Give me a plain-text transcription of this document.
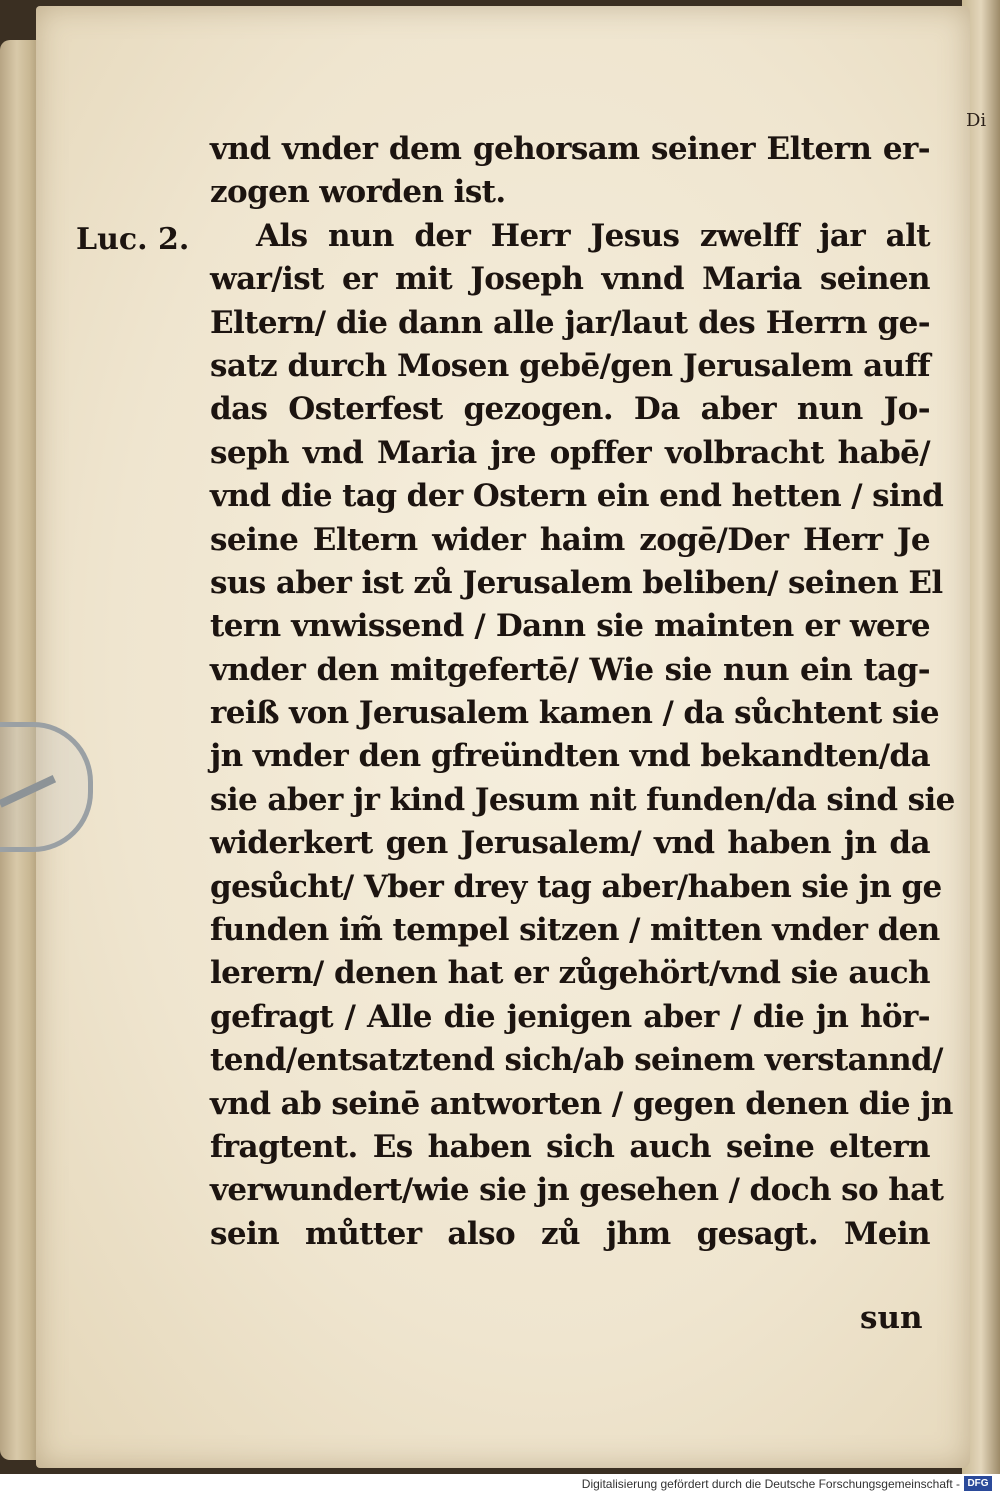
Di
Luc. 2.
vnd vnder dem gehorsam seiner Eltern er-
zogen worden ist.
Als nun der Herr Jesus zwelff jar alt
war/ist er mit Joseph vnnd Maria seinen
Eltern/ die dann alle jar/laut des Herrn ge-
satz durch Mosen gebē/gen Jerusalem auff
das Osterfest gezogen. Da aber nun Jo-
seph vnd Maria jre opffer volbracht habē/
vnd die tag der Ostern ein end hetten / sind
seine Eltern wider haim zogē/Der Herr Je
sus aber ist zů Jerusalem beliben/ seinen El
tern vnwissend / Dann sie mainten er were
vnder den mitgefertē/ Wie sie nun ein tag-
reiß von Jerusalem kamen / da sůchtent sie
jn vnder den gfreündten vnd bekandten/da
sie aber jr kind Jesum nit funden/da sind sie
widerkert gen Jerusalem/ vnd haben jn da
gesůcht/ Vber drey tag aber/haben sie jn ge
funden im̃ tempel sitzen / mitten vnder den
lerern/ denen hat er zůgehört/vnd sie auch
gefragt / Alle die jenigen aber / die jn hör-
tend/entsatztend sich/ab seinem verstannd/
vnd ab seinē antworten / gegen denen die jn
fragtent. Es haben sich auch seine eltern
verwundert/wie sie jn gesehen / doch so hat
sein můtter also zů jhm gesagt. Mein
sun
Digitalisierung gefördert durch die Deutsche Forschungsgemeinschaft - DFG
